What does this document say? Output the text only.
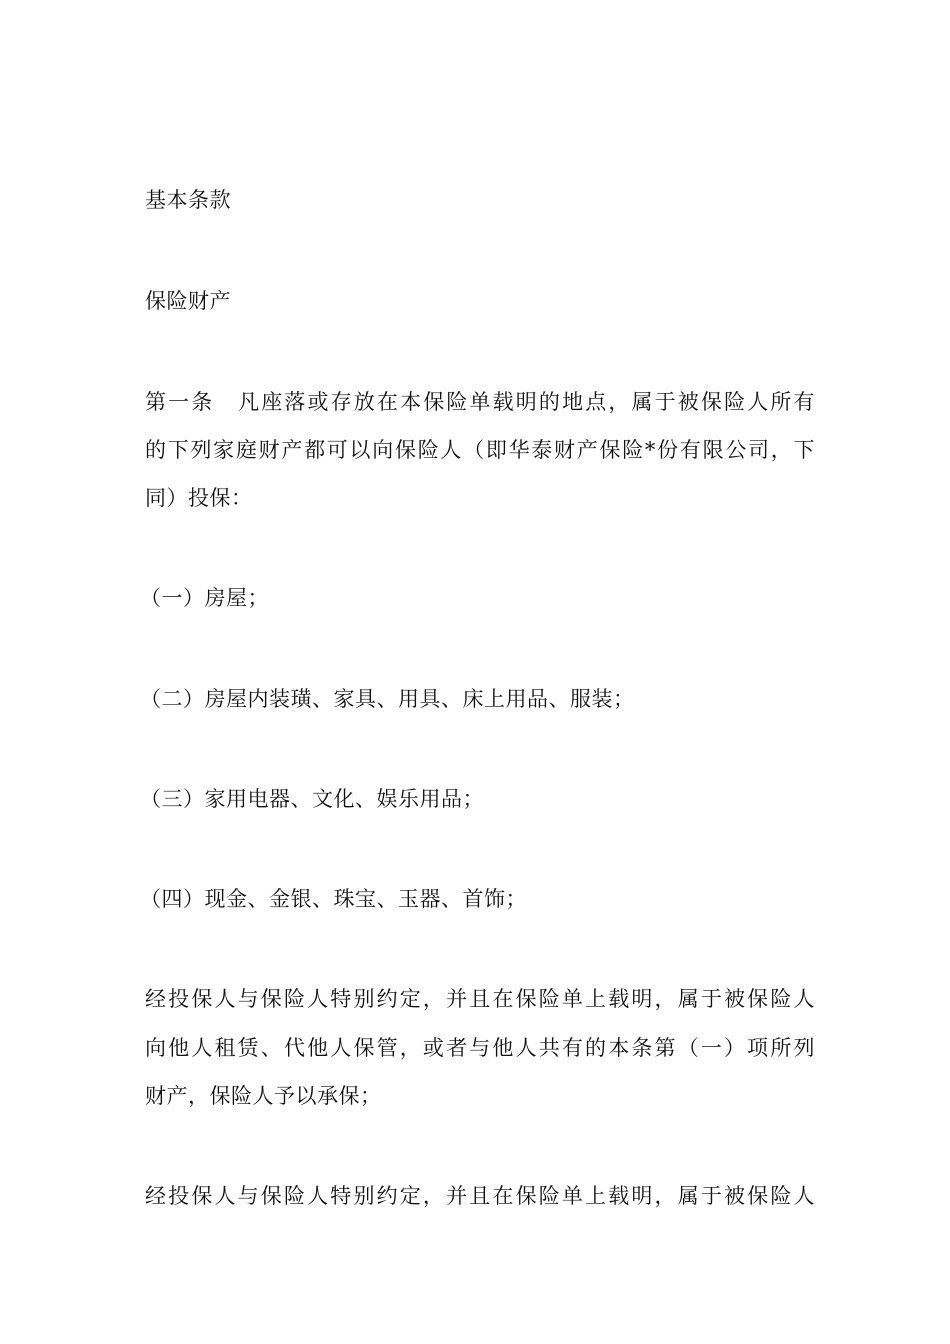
基本条款
保险财产
第一条 凡座落或存放在本保险单载明的地点，属于被保险人所有
的下列家庭财产都可以向保险人（即华泰财产保险*份有限公司，下
同）投保：
（一）房屋；
（二）房屋内装璜、家具、用具、床上用品、服装；
（三）家用电器、文化、娱乐用品；
（四）现金、金银、珠宝、玉器、首饰；
经投保人与保险人特别约定，并且在保险单上载明，属于被保险人
向他人租赁、代他人保管，或者与他人共有的本条第（一）项所列
财产，保险人予以承保；
经投保人与保险人特别约定，并且在保险单上载明，属于被保险人
